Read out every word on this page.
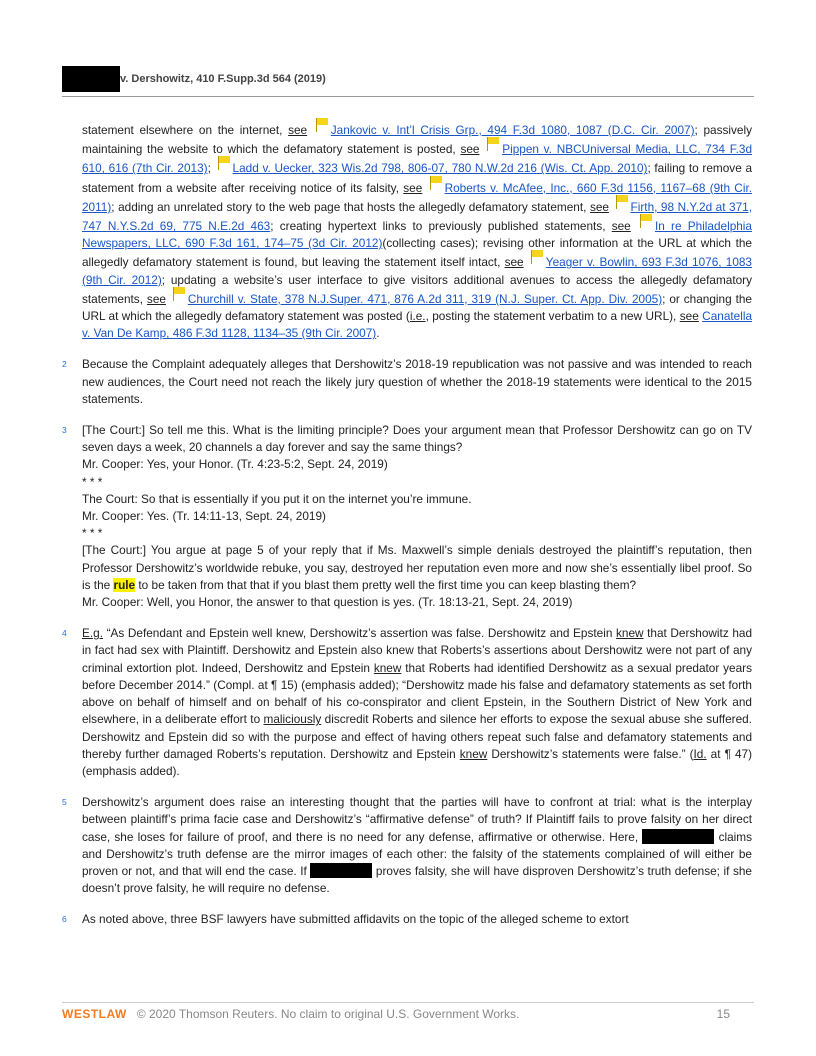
v. Dershowitz, 410 F.Supp.3d 564 (2019)
statement elsewhere on the internet, see Jankovic v. Int’l Crisis Grp., 494 F.3d 1080, 1087 (D.C. Cir. 2007); passively maintaining the website to which the defamatory statement is posted, see Pippen v. NBCUniversal Media, LLC, 734 F.3d 610, 616 (7th Cir. 2013); Ladd v. Uecker, 323 Wis.2d 798, 806-07, 780 N.W.2d 216 (Wis. Ct. App. 2010); failing to remove a statement from a website after receiving notice of its falsity, see Roberts v. McAfee, Inc., 660 F.3d 1156, 1167–68 (9th Cir. 2011); adding an unrelated story to the web page that hosts the allegedly defamatory statement, see Firth, 98 N.Y.2d at 371, 747 N.Y.S.2d 69, 775 N.E.2d 463; creating hypertext links to previously published statements, see In re Philadelphia Newspapers, LLC, 690 F.3d 161, 174–75 (3d Cir. 2012)(collecting cases); revising other information at the URL at which the allegedly defamatory statement is found, but leaving the statement itself intact, see Yeager v. Bowlin, 693 F.3d 1076, 1083 (9th Cir. 2012); updating a website’s user interface to give visitors additional avenues to access the allegedly defamatory statements, see Churchill v. State, 378 N.J.Super. 471, 876 A.2d 311, 319 (N.J. Super. Ct. App. Div. 2005); or changing the URL at which the allegedly defamatory statement was posted (i.e., posting the statement verbatim to a new URL), see Canatella v. Van De Kamp, 486 F.3d 1128, 1134–35 (9th Cir. 2007).
2 Because the Complaint adequately alleges that Dershowitz’s 2018-19 republication was not passive and was intended to reach new audiences, the Court need not reach the likely jury question of whether the 2018-19 statements were identical to the 2015 statements.
3 [The Court:] So tell me this. What is the limiting principle? Does your argument mean that Professor Dershowitz can go on TV seven days a week, 20 channels a day forever and say the same things?
Mr. Cooper: Yes, your Honor. (Tr. 4:23-5:2, Sept. 24, 2019)
* * *
The Court: So that is essentially if you put it on the internet you’re immune.
Mr. Cooper: Yes. (Tr. 14:11-13, Sept. 24, 2019)
* * *
[The Court:] You argue at page 5 of your reply that if Ms. Maxwell’s simple denials destroyed the plaintiff’s reputation, then Professor Dershowitz’s worldwide rebuke, you say, destroyed her reputation even more and now she’s essentially libel proof. So is the rule to be taken from that that if you blast them pretty well the first time you can keep blasting them?
Mr. Cooper: Well, you Honor, the answer to that question is yes. (Tr. 18:13-21, Sept. 24, 2019)
4 E.g. “As Defendant and Epstein well knew, Dershowitz’s assertion was false. Dershowitz and Epstein knew that Dershowitz had in fact had sex with Plaintiff. Dershowitz and Epstein also knew that Roberts’s assertions about Dershowitz were not part of any criminal extortion plot. Indeed, Dershowitz and Epstein knew that Roberts had identified Dershowitz as a sexual predator years before December 2014.” (Compl. at ¶ 15) (emphasis added); “Dershowitz made his false and defamatory statements as set forth above on behalf of himself and on behalf of his co-conspirator and client Epstein, in the Southern District of New York and elsewhere, in a deliberate effort to maliciously discredit Roberts and silence her efforts to expose the sexual abuse she suffered. Dershowitz and Epstein did so with the purpose and effect of having others repeat such false and defamatory statements and thereby further damaged Roberts’s reputation. Dershowitz and Epstein knew Dershowitz’s statements were false.” (Id. at ¶ 47) (emphasis added).
5 Dershowitz’s argument does raise an interesting thought that the parties will have to confront at trial: what is the interplay between plaintiff’s prima facie case and Dershowitz’s “affirmative defense” of truth? If Plaintiff fails to prove falsity on her direct case, she loses for failure of proof, and there is no need for any defense, affirmative or otherwise. Here,	claims and Dershowitz’s truth defense are the mirror images of each other: the falsity of the statements complained of will either be proven or not, and that will end the case. If	proves falsity, she will have disproven Dershowitz’s truth defense; if she doesn’t prove falsity, he will require no defense.
6 As noted above, three BSF lawyers have submitted affidavits on the topic of the alleged scheme to extort
WESTLAW © 2020 Thomson Reuters. No claim to original U.S. Government Works.	15
